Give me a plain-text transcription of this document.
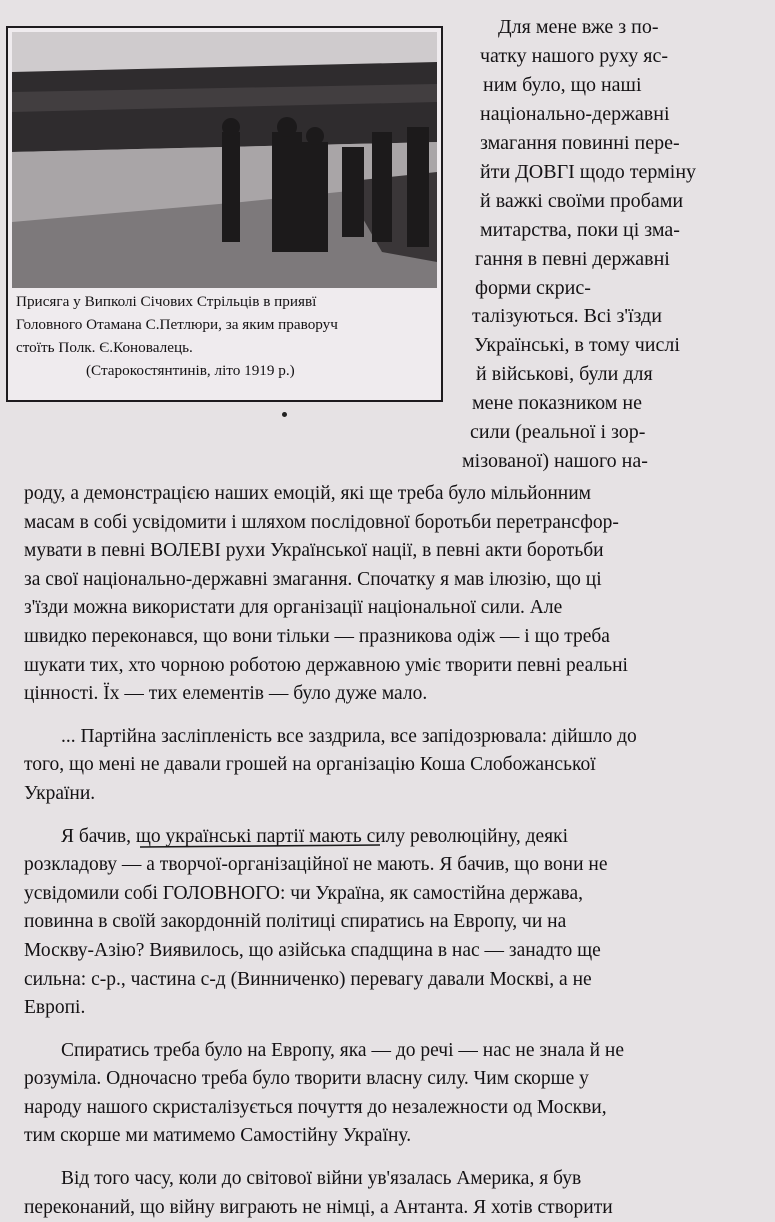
Присяга у Випколі Січових Стрільців в приявї
Головного Отамана С.Петлюри, за яким праворуч
стоїть Полк. Є.Коновалець.
(Старокостянтинів, літо 1919 р.)
Для мене вже з по-
чатку нашого руху яс-
ним було, що наші
національно-державні
змагання повинні пере-
йти ДОВГІ щодо терміну
й важкі своїми пробами
митарства, поки ці зма-
гання в певні державні
форми скрис-
талізуються. Всі з'їзди
Українські, в тому числі
й військові, були для
мене показником не
сили (реальної і зор-
мізованої) нашого на-
роду, а демонстрацією наших емоцій, які ще треба було мільйонним
масам в собі усвідомити і шляхом послідовної боротьби перетрансфор-
мувати в певні ВОЛЕВІ рухи Української нації, в певні акти боротьби
за свої національно-державні змагання. Спочатку я мав ілюзію, що ці
з'їзди можна використати для організації національної сили. Але
швидко переконався, що вони тільки — празникова одіж — і що треба
шукати тих, хто чорною роботою державною уміє творити певні реальні
цінності. Їх — тих елементів — було дуже мало.
... Партійна засліпленість все заздрила, все запідозрювала: дійшло до
того, що мені не давали грошей на організацію Коша Слобожанської
України.
Я бачив, що українські партії мають силу революційну, деякі
розкладову — а творчої-організаційної не мають. Я бачив, що вони не
усвідомили собі ГОЛОВНОГО: чи Україна, як самостійна держава,
повинна в своїй закордонній політиці спиратись на Европу, чи на
Москву-Азію? Виявилось, що азійська спадщина в нас — занадто ще
сильна: с-р., частина с-д (Винниченко) перевагу давали Москві, а не
Европі.
Спиратись треба було на Европу, яка — до речі — нас не знала й не
розуміла. Одночасно треба було творити власну силу. Чим скорше у
народу нашого скристалізується почуття до незалежности од Москви,
тим скорше ми матимемо Самостійну Україну.
Від того часу, коли до світової війни ув'язалась Америка, я був
переконаний, що війну виграють не німці, а Антанта. Я хотів створити
